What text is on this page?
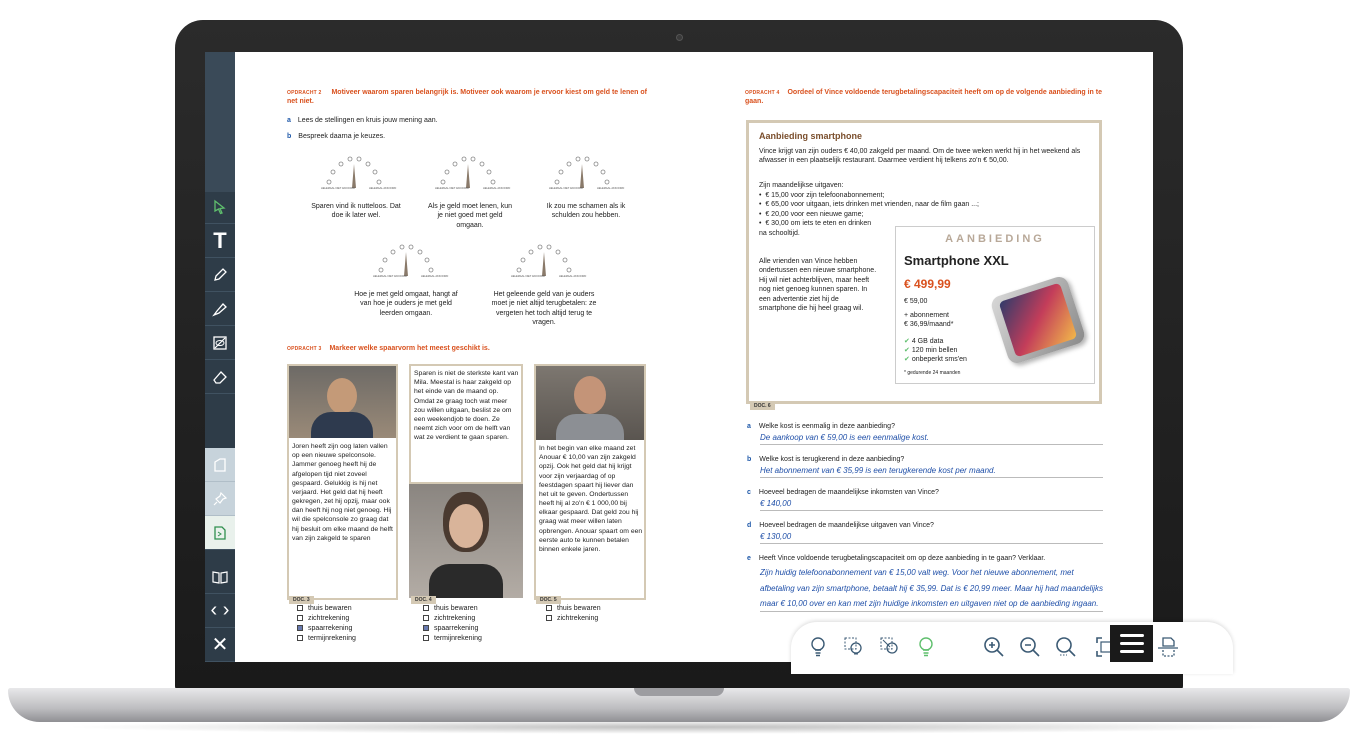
T
‹ ›
✕
OPDRACHT 2 Motiveer waarom sparen belangrijk is. Motiveer ook waarom je ervoor kiest om geld te lenen of net niet.
a Lees de stellingen en kruis jouw mening aan.
b Bespreek daarna je keuzes.
HELEMAAL NIET AKKOORD	HELEMAAL AKKOORD	HELEMAAL NIET AKKOORD	HELEMAAL AKKOORD	HELEMAAL NIET AKKOORD	HELEMAAL AKKOORD
HELEMAAL NIET AKKOORD	HELEMAAL AKKOORD	HELEMAAL NIET AKKOORD	HELEMAAL AKKOORD
Sparen vind ik nutteloos. Dat doe ik later wel.
Als je geld moet lenen, kun je niet goed met geld omgaan.
Ik zou me schamen als ik schulden zou hebben.
Hoe je met geld omgaat, hangt af van hoe je ouders je met geld leerden omgaan.
Het geleende geld van je ouders moet je niet altijd terugbetalen: ze vergeten het toch altijd terug te vragen.
OPDRACHT 3 Markeer welke spaarvorm het meest geschikt is.
Joren heeft zijn oog laten vallen op een nieuwe spelconsole. Jammer genoeg heeft hij de afgelopen tijd niet zoveel gespaard. Gelukkig is hij net verjaard. Het geld dat hij heeft gekregen, zet hij opzij, maar ook dan heeft hij nog niet genoeg. Hij wil die spelconsole zo graag dat hij besluit om elke maand de helft van zijn zakgeld te sparen
DOC. 3
Sparen is niet de sterkste kant van Mila. Meestal is haar zakgeld op het einde van de maand op. Omdat ze graag toch wat meer zou willen uitgaan, beslist ze om een weekendjob te doen. Ze neemt zich voor om de helft van wat ze verdient te gaan sparen.
DOC. 4
In het begin van elke maand zet Anouar € 10,00 van zijn zakgeld opzij. Ook het geld dat hij krijgt voor zijn verjaardag of op feestdagen spaart hij liever dan het uit te geven. Ondertussen heeft hij al zo'n € 1 000,00 bij elkaar gespaard. Dat geld zou hij graag wat meer willen laten opbrengen. Anouar spaart om een eerste auto te kunnen betalen binnen enkele jaren.
DOC. 5
thuis bewaren
zichtrekening
spaarrekening
termijnrekening
thuis bewaren
zichtrekening
spaarrekening
termijnrekening
thuis bewaren
zichtrekening
OPDRACHT 4 Oordeel of Vince voldoende terugbetalingscapaciteit heeft om op de volgende aanbieding in te gaan.
Aanbieding smartphone
Vince krijgt van zijn ouders € 40,00 zakgeld per maand. Om de twee weken werkt hij in het weekend als afwasser in een plaatselijk restaurant. Daarmee verdient hij telkens zo'n € 50,00.
Zijn maandelijkse uitgaven:
•  € 15,00 voor zijn telefoonabonnement;
•  € 65,00 voor uitgaan, iets drinken met vrienden, naar de film gaan ...;
•  € 20,00 voor een nieuwe game;
•  € 30,00 om iets te eten en drinken na schooltijd.
Alle vrienden van Vince hebben ondertussen een nieuwe smartphone. Hij wil niet achterblijven, maar heeft nog niet genoeg kunnen sparen. In een advertentie ziet hij de smartphone die hij heel graag wil.
AANBIEDING
Smartphone XXL
€ 499,99
€ 59,00
+ abonnement
€ 36,99/maand*
✔ 4 GB data
✔ 120 min bellen
✔ onbeperkt sms'en
* gedurende 24 maanden
DOC. 6
a Welke kost is eenmalig in deze aanbieding?
De aankoop van € 59,00 is een eenmalige kost.
b Welke kost is terugkerend in deze aanbieding?
Het abonnement van € 35,99 is een terugkerende kost per maand.
c Hoeveel bedragen de maandelijkse inkomsten van Vince?
€ 140,00
d Hoeveel bedragen de maandelijkse uitgaven van Vince?
€ 130,00
e Heeft Vince voldoende terugbetalingscapaciteit om op deze aanbieding in te gaan? Verklaar.
Zijn huidig telefoonabonnement van € 15,00 valt weg. Voor het nieuwe abonnement, met afbetaling van zijn smartphone, betaalt hij € 35,99. Dat is € 20,99 meer. Maar hij had maandelijks maar € 10,00 over en kan met zijn huidige inkomsten en uitgaven niet op de aanbieding ingaan.
